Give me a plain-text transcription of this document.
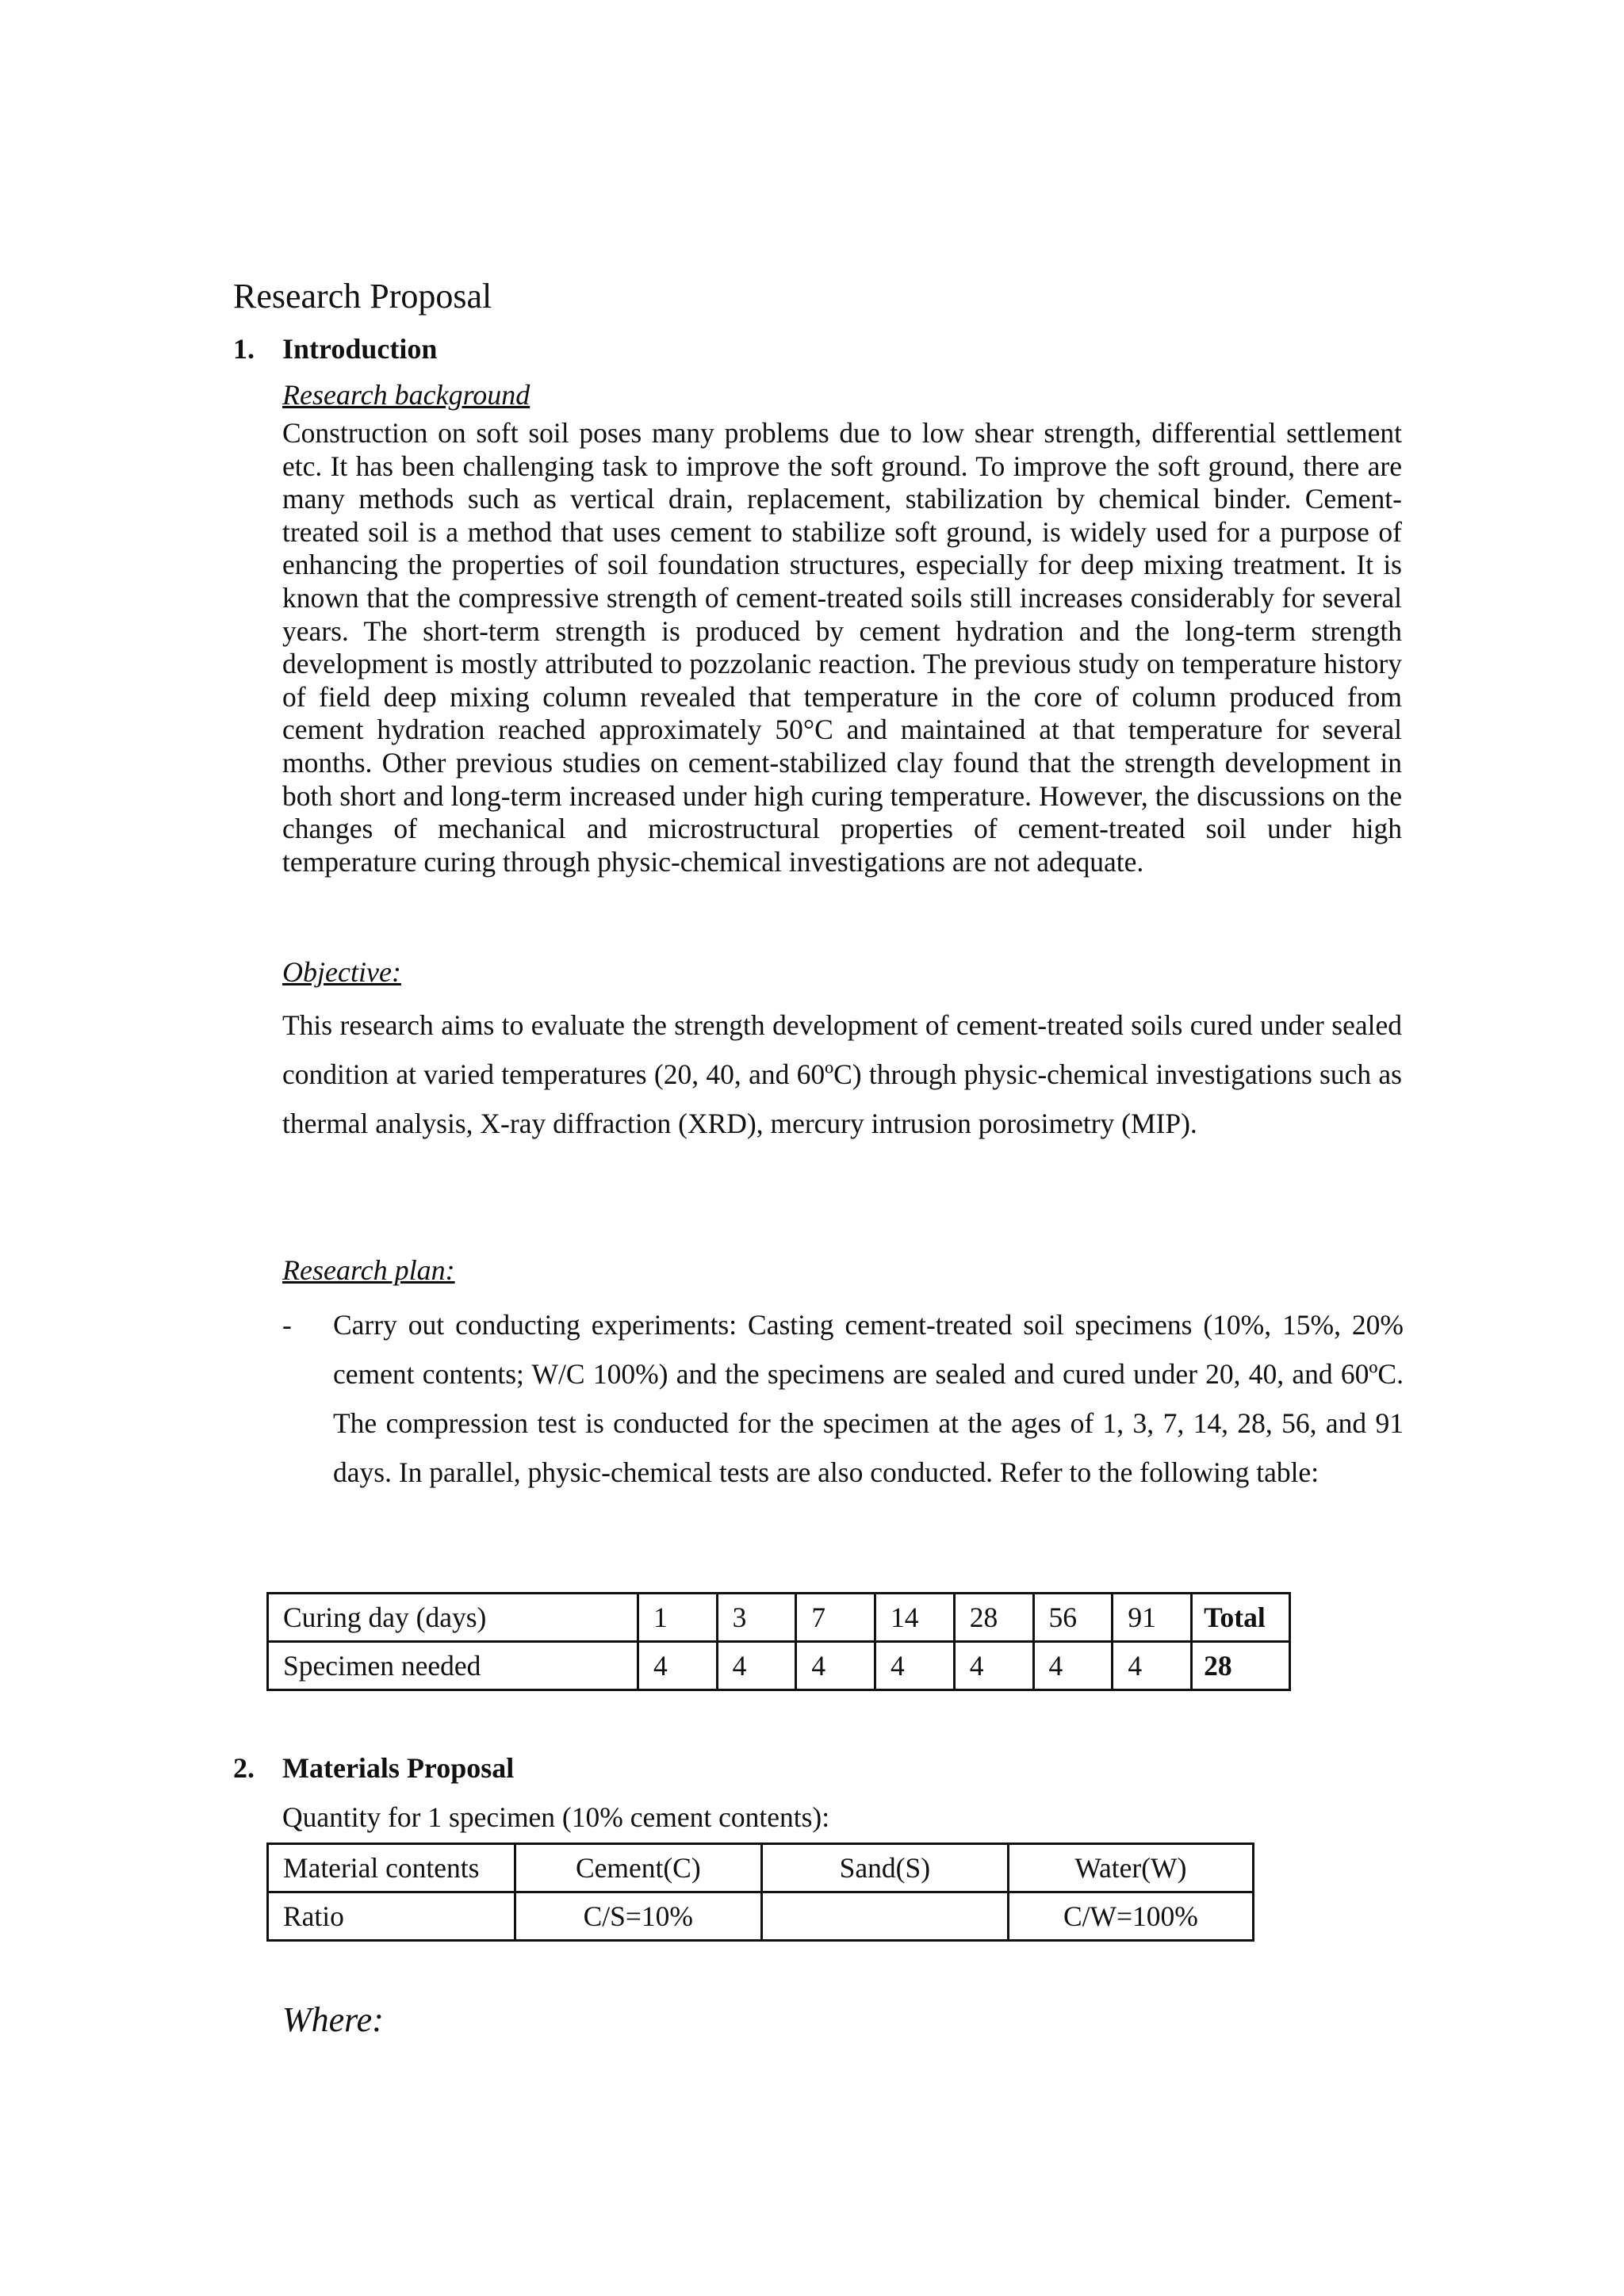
Research Proposal
1. Introduction
Research background
Construction on soft soil poses many problems due to low shear strength, differential settlement etc. It has been challenging task to improve the soft ground. To improve the soft ground, there are many methods such as vertical drain, replacement, stabilization by chemical binder. Cement-treated soil is a method that uses cement to stabilize soft ground, is widely used for a purpose of enhancing the properties of soil foundation structures, especially for deep mixing treatment. It is known that the compressive strength of cement-treated soils still increases considerably for several years. The short-term strength is produced by cement hydration and the long-term strength development is mostly attributed to pozzolanic reaction. The previous study on temperature history of field deep mixing column revealed that temperature in the core of column produced from cement hydration reached approximately 50°C and maintained at that temperature for several months. Other previous studies on cement-stabilized clay found that the strength development in both short and long-term increased under high curing temperature. However, the discussions on the changes of mechanical and microstructural properties of cement-treated soil under high temperature curing through physic-chemical investigations are not adequate.
Objective:
This research aims to evaluate the strength development of cement-treated soils cured under sealed condition at varied temperatures (20, 40, and 60ºC) through physic-chemical investigations such as thermal analysis, X-ray diffraction (XRD), mercury intrusion porosimetry (MIP).
Research plan:
- Carry out conducting experiments: Casting cement-treated soil specimens (10%, 15%, 20% cement contents; W/C 100%) and the specimens are sealed and cured under 20, 40, and 60ºC. The compression test is conducted for the specimen at the ages of 1, 3, 7, 14, 28, 56, and 91 days. In parallel, physic-chemical tests are also conducted. Refer to the following table:
Curing day (days)	1	3	7	14	28	56	91	Total
Specimen needed	4	4	4	4	4	4	4	28
2. Materials Proposal
Quantity for 1 specimen (10% cement contents):
Material contents	Cement(C)	Sand(S)	Water(W)
Ratio	C/S=10%		C/W=100%
Where:
